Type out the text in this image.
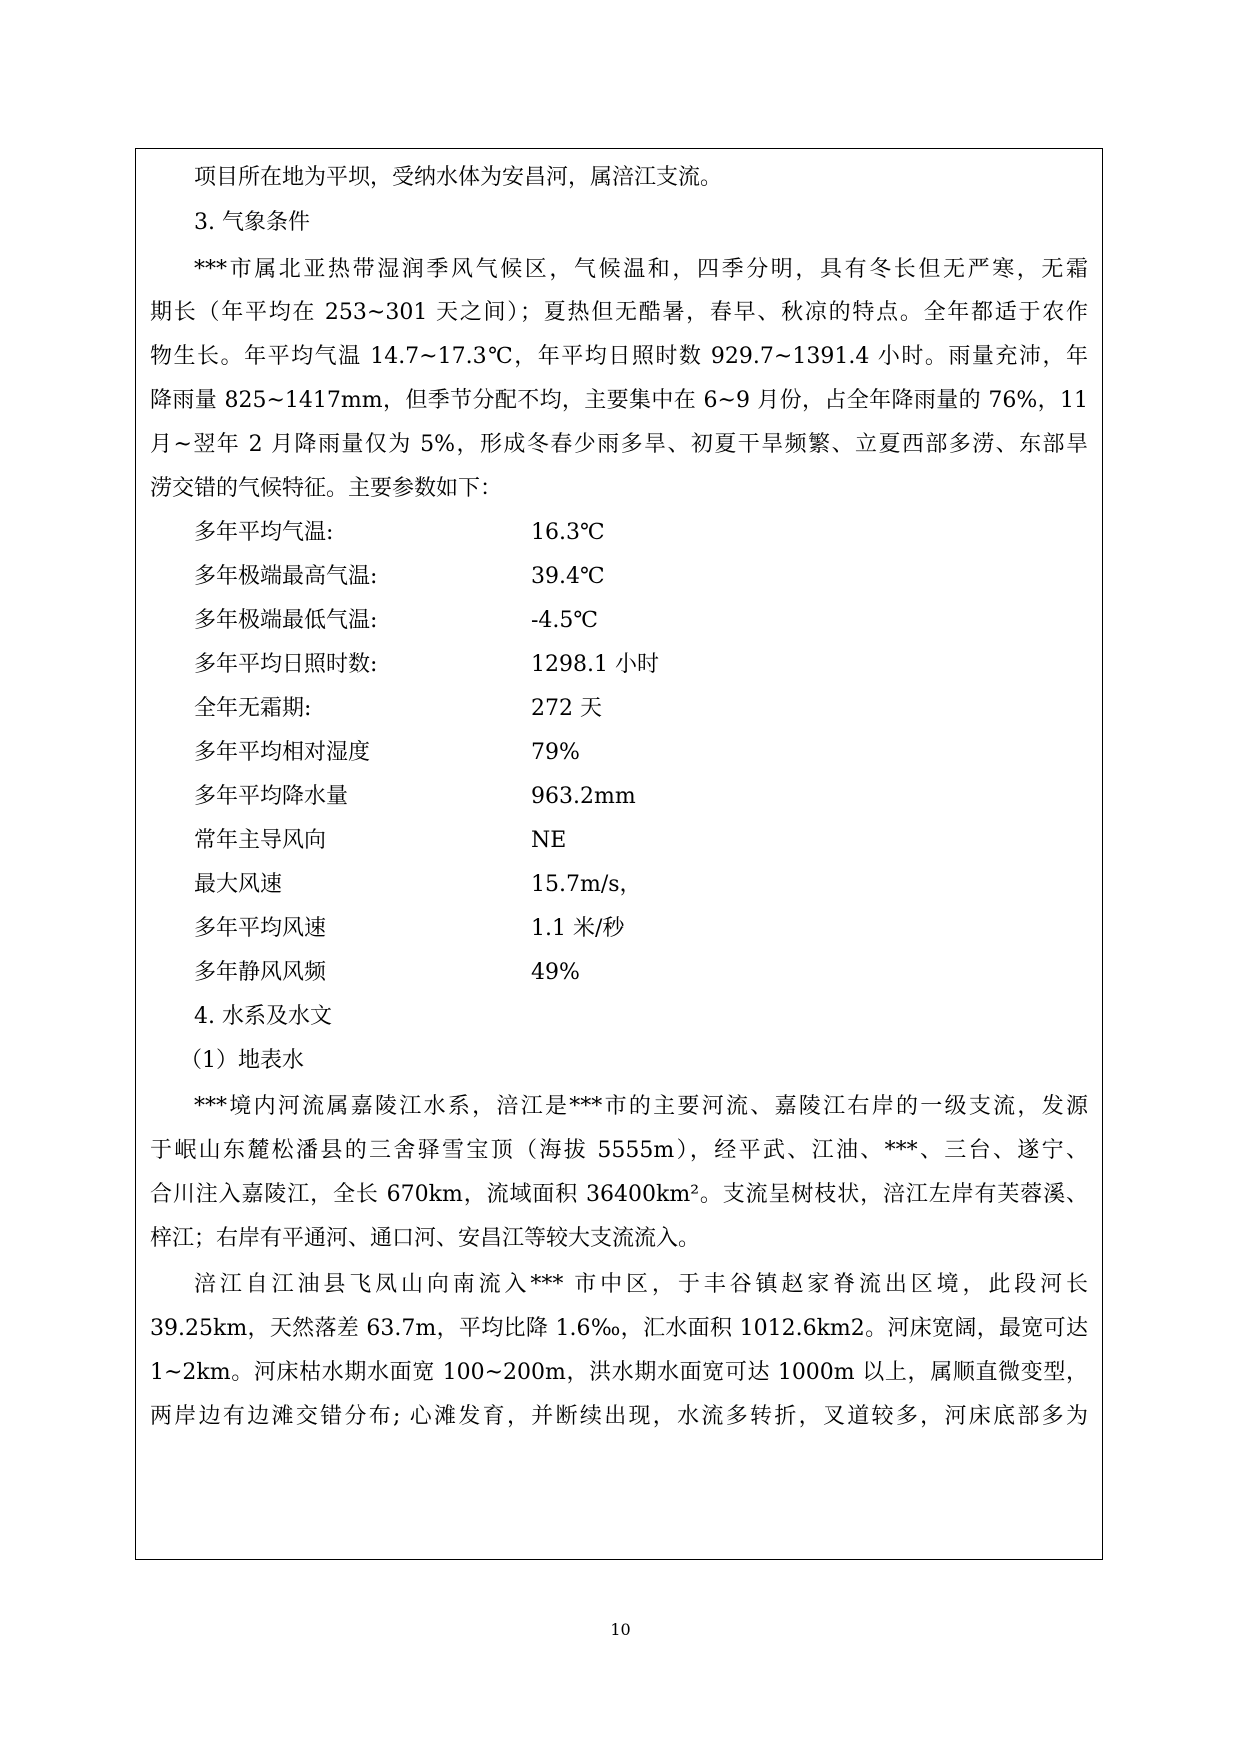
项目所在地为平坝，受纳水体为安昌河，属涪江支流。

3. 气象条件

***市属北亚热带湿润季风气候区，气候温和，四季分明，具有冬长但无严寒，无霜

期长（年平均在 253~301 天之间）；夏热但无酷暑，春早、秋凉的特点。全年都适于农作

物生长。年平均气温 14.7~17.3℃，年平均日照时数 929.7~1391.4 小时。雨量充沛，年

降雨量 825~1417mm，但季节分配不均，主要集中在 6~9 月份，占全年降雨量的 76%，11

月~翌年 2 月降雨量仅为 5%，形成冬春少雨多旱、初夏干旱频繁、立夏西部多涝、东部旱

涝交错的气候特征。主要参数如下：

多年平均气温:	16.3℃
多年极端最高气温:	39.4℃
多年极端最低气温:	-4.5℃
多年平均日照时数:	1298.1 小时
全年无霜期:	272 天
多年平均相对湿度	79%
多年平均降水量	963.2mm
常年主导风向	NE
最大风速	15.7m/s，
多年平均风速	1.1 米/秒
多年静风风频	49%

4. 水系及水文

（1）地表水

***境内河流属嘉陵江水系，涪江是***市的主要河流、嘉陵江右岸的一级支流，发源

于岷山东麓松潘县的三舍驿雪宝顶（海拔 5555m），经平武、江油、***、三台、遂宁、

合川注入嘉陵江，全长 670km，流域面积 36400km²。支流呈树枝状，涪江左岸有芙蓉溪、

梓江；右岸有平通河、通口河、安昌江等较大支流流入。

涪江自江油县飞凤山向南流入*** 市中区，于丰谷镇赵家脊流出区境，此段河长

39.25km，天然落差 63.7m，平均比降 1.6‰，汇水面积 1012.6km2。河床宽阔，最宽可达

1~2km。河床枯水期水面宽 100~200m，洪水期水面宽可达 1000m 以上，属顺直微变型，

两岸边有边滩交错分布; 心滩发育，并断续出现，水流多转折，叉道较多，河床底部多为

10
